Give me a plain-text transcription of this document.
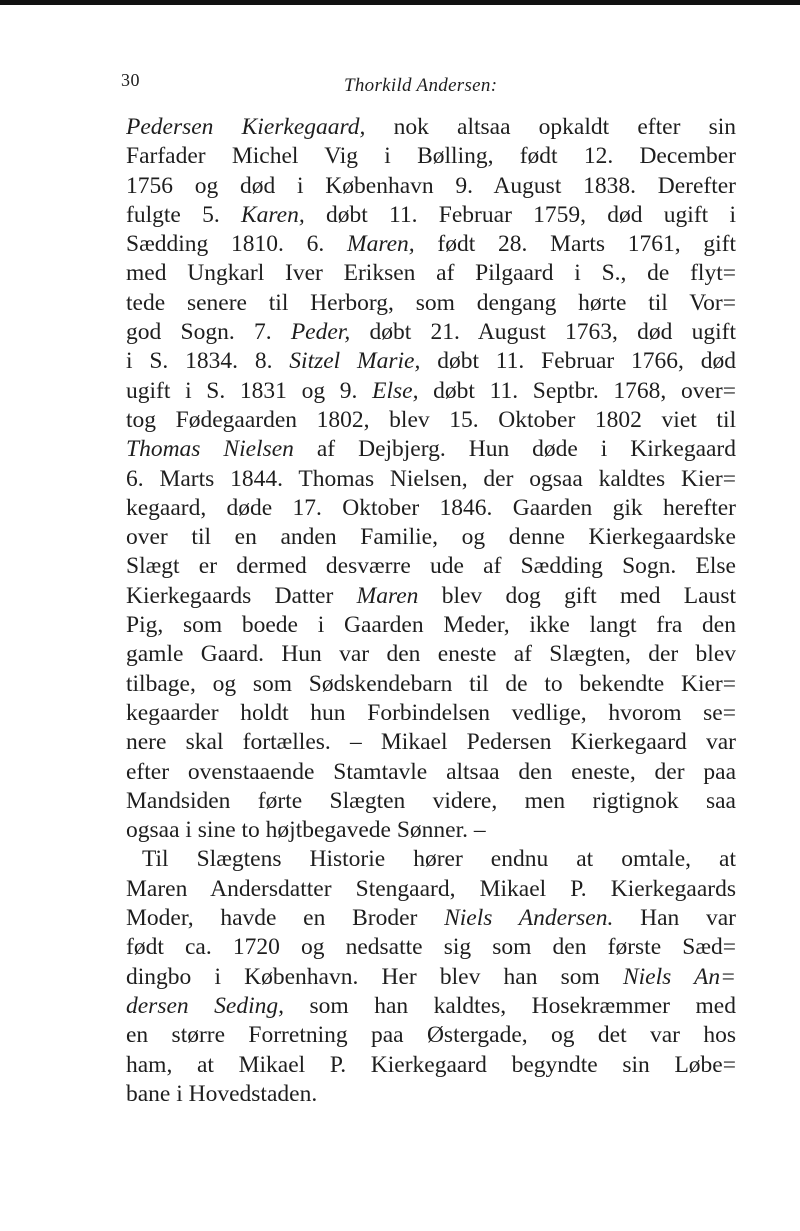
30	Thorkild Andersen:
Pedersen Kierkegaard, nok altsaa opkaldt efter sin
Farfader Michel Vig i Bølling, født 12. December
1756 og død i København 9. August 1838. Derefter
fulgte 5. Karen, døbt 11. Februar 1759, død ugift i
Sædding 1810. 6. Maren, født 28. Marts 1761, gift
med Ungkarl Iver Eriksen af Pilgaard i S., de flyt=
tede senere til Herborg, som dengang hørte til Vor=
god Sogn. 7. Peder, døbt 21. August 1763, død ugift
i S. 1834. 8. Sitzel Marie, døbt 11. Februar 1766, død
ugift i S. 1831 og 9. Else, døbt 11. Septbr. 1768, over=
tog Fødegaarden 1802, blev 15. Oktober 1802 viet til
Thomas Nielsen af Dejbjerg. Hun døde i Kirkegaard
6. Marts 1844. Thomas Nielsen, der ogsaa kaldtes Kier=
kegaard, døde 17. Oktober 1846. Gaarden gik herefter
over til en anden Familie, og denne Kierkegaardske
Slægt er dermed desværre ude af Sædding Sogn. Else
Kierkegaards Datter Maren blev dog gift med Laust
Pig, som boede i Gaarden Meder, ikke langt fra den
gamle Gaard. Hun var den eneste af Slægten, der blev
tilbage, og som Sødskendebarn til de to bekendte Kier=
kegaarder holdt hun Forbindelsen vedlige, hvorom se=
nere skal fortælles. – Mikael Pedersen Kierkegaard var
efter ovenstaaende Stamtavle altsaa den eneste, der paa
Mandsiden førte Slægten videre, men rigtignok saa
ogsaa i sine to højtbegavede Sønner. –
Til Slægtens Historie hører endnu at omtale, at
Maren Andersdatter Stengaard, Mikael P. Kierkegaards
Moder, havde en Broder Niels Andersen. Han var
født ca. 1720 og nedsatte sig som den første Sæd=
dingbo i København. Her blev han som Niels An=
dersen Seding, som han kaldtes, Hosekræmmer med
en større Forretning paa Østergade, og det var hos
ham, at Mikael P. Kierkegaard begyndte sin Løbe=
bane i Hovedstaden.
